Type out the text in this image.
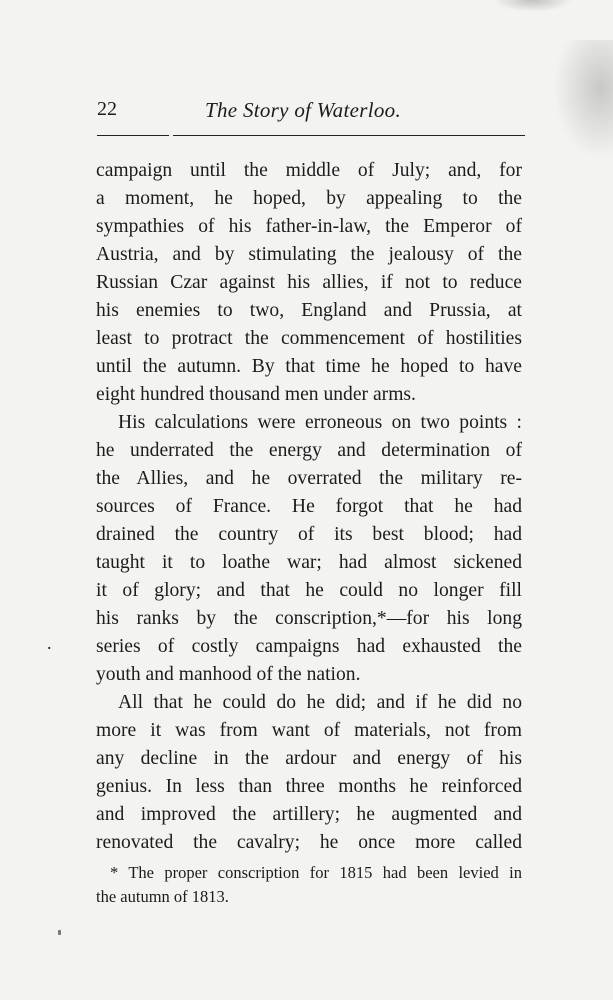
22	The Story of Waterloo.
campaign until the middle of July; and, for
a moment, he hoped, by appealing to the
sympathies of his father-in-law, the Emperor of
Austria, and by stimulating the jealousy of the
Russian Czar against his allies, if not to reduce
his enemies to two, England and Prussia, at
least to protract the commencement of hostilities
until the autumn. By that time he hoped to have
eight hundred thousand men under arms.
His calculations were erroneous on two points :
he underrated the energy and determination of
the Allies, and he overrated the military re-
sources of France. He forgot that he had
drained the country of its best blood; had
taught it to loathe war; had almost sickened
it of glory; and that he could no longer fill
his ranks by the conscription,*—for his long
series of costly campaigns had exhausted the
youth and manhood of the nation.
All that he could do he did; and if he did no
more it was from want of materials, not from
any decline in the ardour and energy of his
genius. In less than three months he reinforced
and improved the artillery; he augmented and
renovated the cavalry; he once more called
.
* The proper conscription for 1815 had been levied in
the autumn of 1813.
